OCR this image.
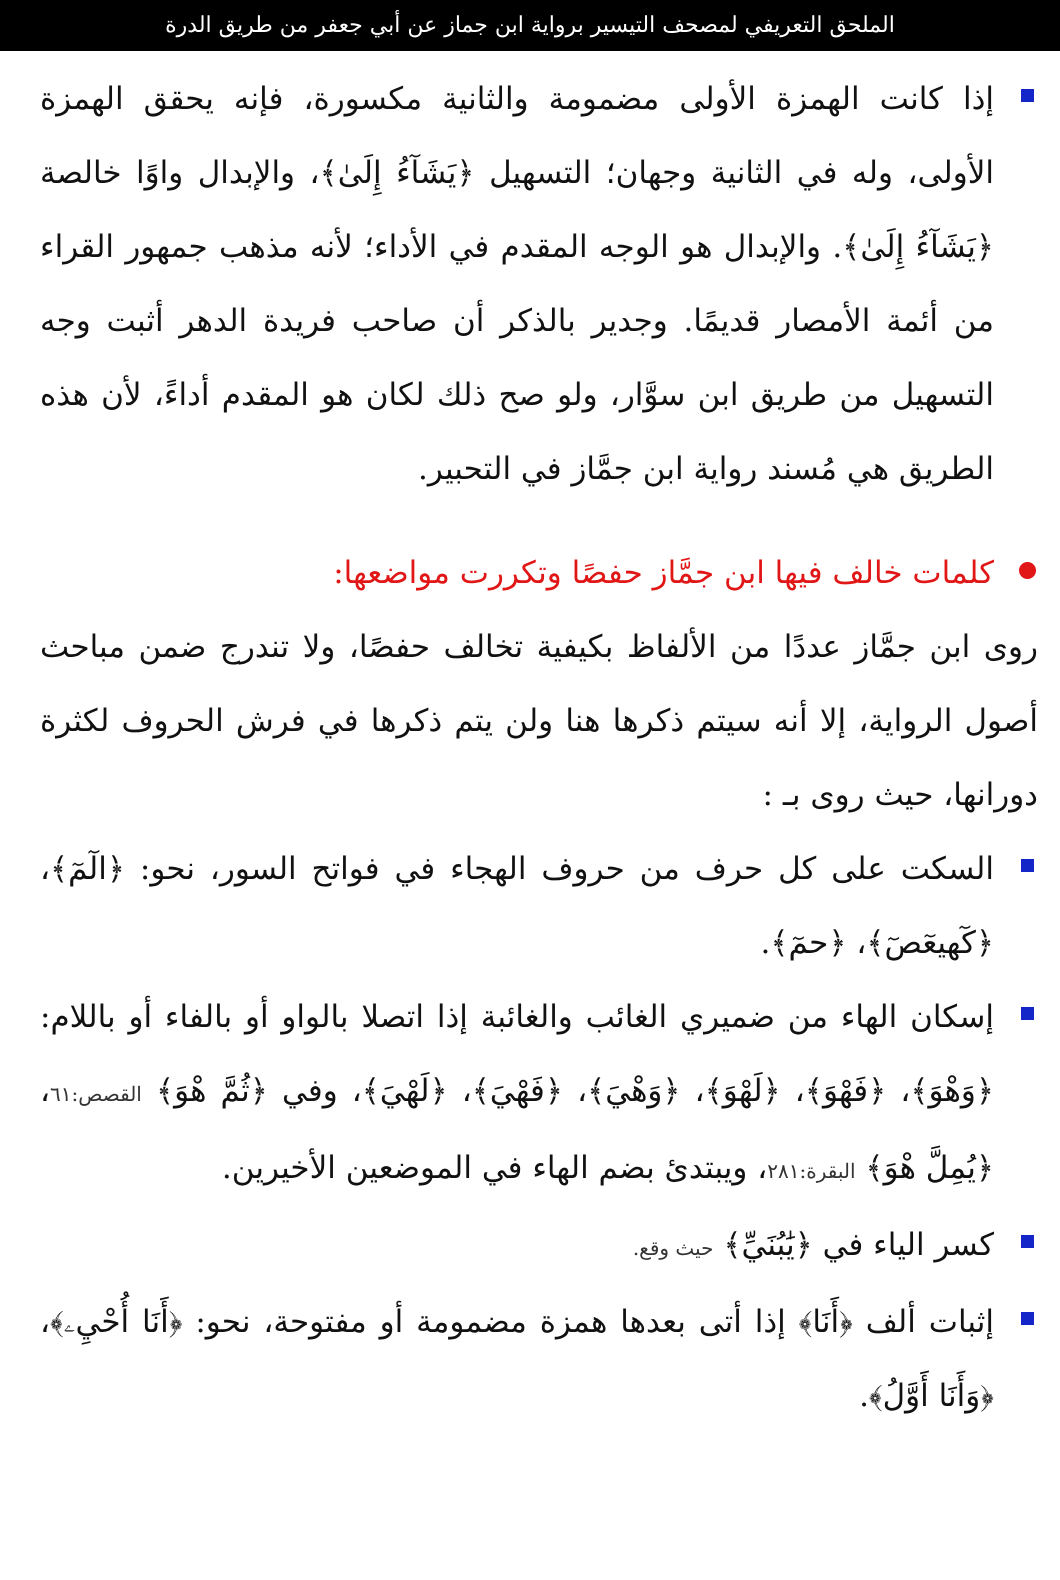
الملحق التعريفي لمصحف التيسير برواية ابن جماز عن أبي جعفر من طريق الدرة
إذا كانت الهمزة الأولى مضمومة والثانية مكسورة، فإنه يحقق الهمزة الأولى، وله في الثانية وجهان؛ التسهيل ﴿يَشَآءُ إِلَىٰ﴾، والإبدال واوًا خالصة ﴿يَشَآءُ إِلَىٰ﴾. والإبدال هو الوجه المقدم في الأداء؛ لأنه مذهب جمهور القراء من أئمة الأمصار قديمًا. وجدير بالذكر أن صاحب فريدة الدهر أثبت وجه التسهيل من طريق ابن سوَّار، ولو صح ذلك لكان هو المقدم أداءً، لأن هذه الطريق هي مُسند رواية ابن جمَّاز في التحبير.
كلمات خالف فيها ابن جمَّاز حفصًا وتكررت مواضعها:

روى ابن جمَّاز عددًا من الألفاظ بكيفية تخالف حفصًا، ولا تندرج ضمن مباحث أصول الرواية، إلا أنه سيتم ذكرها هنا ولن يتم ذكرها في فرش الحروف لكثرة دورانها، حيث روى بـ :

السكت على كل حرف من حروف الهجاء في فواتح السور، نحو: ﴿الٓمٓ﴾، ﴿كٓهيعٓصٓ﴾، ﴿حمٓ﴾.
إسكان الهاء من ضميري الغائب والغائبة إذا اتصلا بالواو أو بالفاء أو باللام: ﴿وَهْوَ﴾، ﴿فَهْوَ﴾، ﴿لَهْوَ﴾، ﴿وَهْيَ﴾، ﴿فَهْيَ﴾، ﴿لَهْيَ﴾، وفي ﴿ثُمَّ هْوَ﴾ القصص:٦١، ﴿يُمِلَّ هْوَ﴾ البقرة:٢٨١، ويبتدئ بضم الهاء في الموضعين الأخيرين.
كسر الياء في ﴿يَٰبُنَيِّ﴾ حيث وقع.
إثبات ألف ﴿أَنَا﴾ إذا أتى بعدها همزة مضمومة أو مفتوحة، نحو: ﴿أَنَا أُحْيِۦ﴾، ﴿وَأَنَا أَوَّلُ﴾.
